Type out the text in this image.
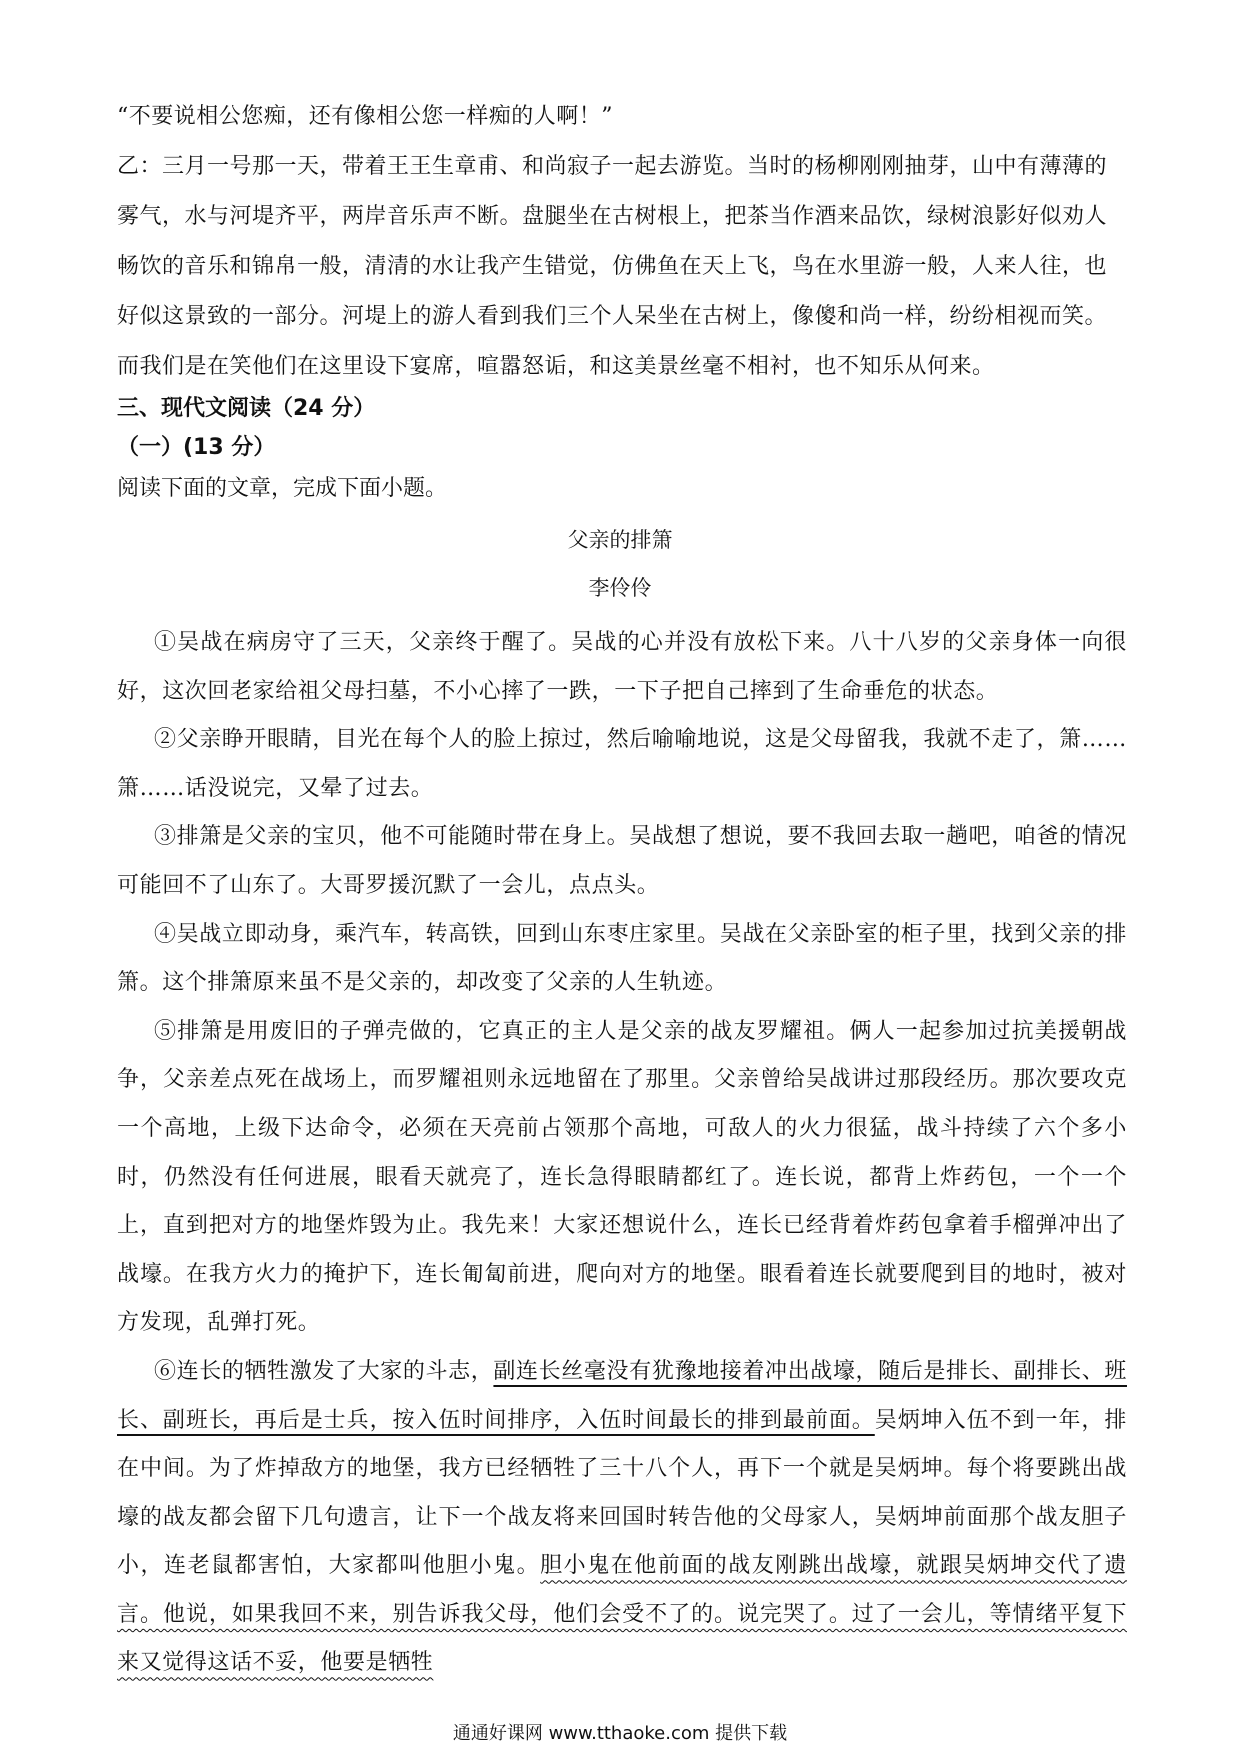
“不要说相公您痴，还有像相公您一样痴的人啊！”
乙：三月一号那一天，带着王王生章甫、和尚寂子一起去游览。当时的杨柳刚刚抽芽，山中有薄薄的雾气，水与河堤齐平，两岸音乐声不断。盘腿坐在古树根上，把茶当作酒来品饮，绿树浪影好似劝人畅饮的音乐和锦帛一般，清清的水让我产生错觉，仿佛鱼在天上飞，鸟在水里游一般，人来人往，也好似这景致的一部分。河堤上的游人看到我们三个人呆坐在古树上，像傻和尚一样，纷纷相视而笑。而我们是在笑他们在这里设下宴席，喧嚣怒诟，和这美景丝毫不相衬，也不知乐从何来。
三、现代文阅读（24 分）
（一）(13 分）
阅读下面的文章，完成下面小题。
父亲的排箫
李伶伶

①吴战在病房守了三天，父亲终于醒了。吴战的心并没有放松下来。八十八岁的父亲身体一向很好，这次回老家给祖父母扫墓，不小心摔了一跌，一下子把自己摔到了生命垂危的状态。

②父亲睁开眼睛，目光在每个人的脸上掠过，然后喻喻地说，这是父母留我，我就不走了，箫……箫……话没说完，又晕了过去。

③排箫是父亲的宝贝，他不可能随时带在身上。吴战想了想说，要不我回去取一趟吧，咱爸的情况可能回不了山东了。大哥罗援沉默了一会儿，点点头。

④吴战立即动身，乘汽车，转高铁，回到山东枣庄家里。吴战在父亲卧室的柜子里，找到父亲的排箫。这个排箫原来虽不是父亲的，却改变了父亲的人生轨迹。

⑤排箫是用废旧的子弹壳做的，它真正的主人是父亲的战友罗耀祖。俩人一起参加过抗美援朝战争，父亲差点死在战场上，而罗耀祖则永远地留在了那里。父亲曾给吴战讲过那段经历。那次要攻克一个高地，上级下达命令，必须在天亮前占领那个高地，可敌人的火力很猛，战斗持续了六个多小时，仍然没有任何进展，眼看天就亮了，连长急得眼睛都红了。连长说，都背上炸药包，一个一个上，直到把对方的地堡炸毁为止。我先来！大家还想说什么，连长已经背着炸药包拿着手榴弹冲出了战壕。在我方火力的掩护下，连长匍匐前进，爬向对方的地堡。眼看着连长就要爬到目的地时，被对方发现，乱弹打死。

⑥连长的牺牲激发了大家的斗志，副连长丝毫没有犹豫地接着冲出战壕，随后是排长、副排长、班长、副班长，再后是士兵，按入伍时间排序，入伍时间最长的排到最前面。吴炳坤入伍不到一年，排在中间。为了炸掉敌方的地堡，我方已经牺牲了三十八个人，再下一个就是吴炳坤。每个将要跳出战壕的战友都会留下几句遗言，让下一个战友将来回国时转告他的父母家人，吴炳坤前面那个战友胆子小，连老鼠都害怕，大家都叫他胆小鬼。胆小鬼在他前面的战友刚跳出战壕，就跟吴炳坤交代了遗言。他说，如果我回不来，别告诉我父母，他们会受不了的。说完哭了。过了一会儿，等情绪平复下来又觉得这话不妥，他要是牺牲

通通好课网 www.tthaoke.com 提供下载
